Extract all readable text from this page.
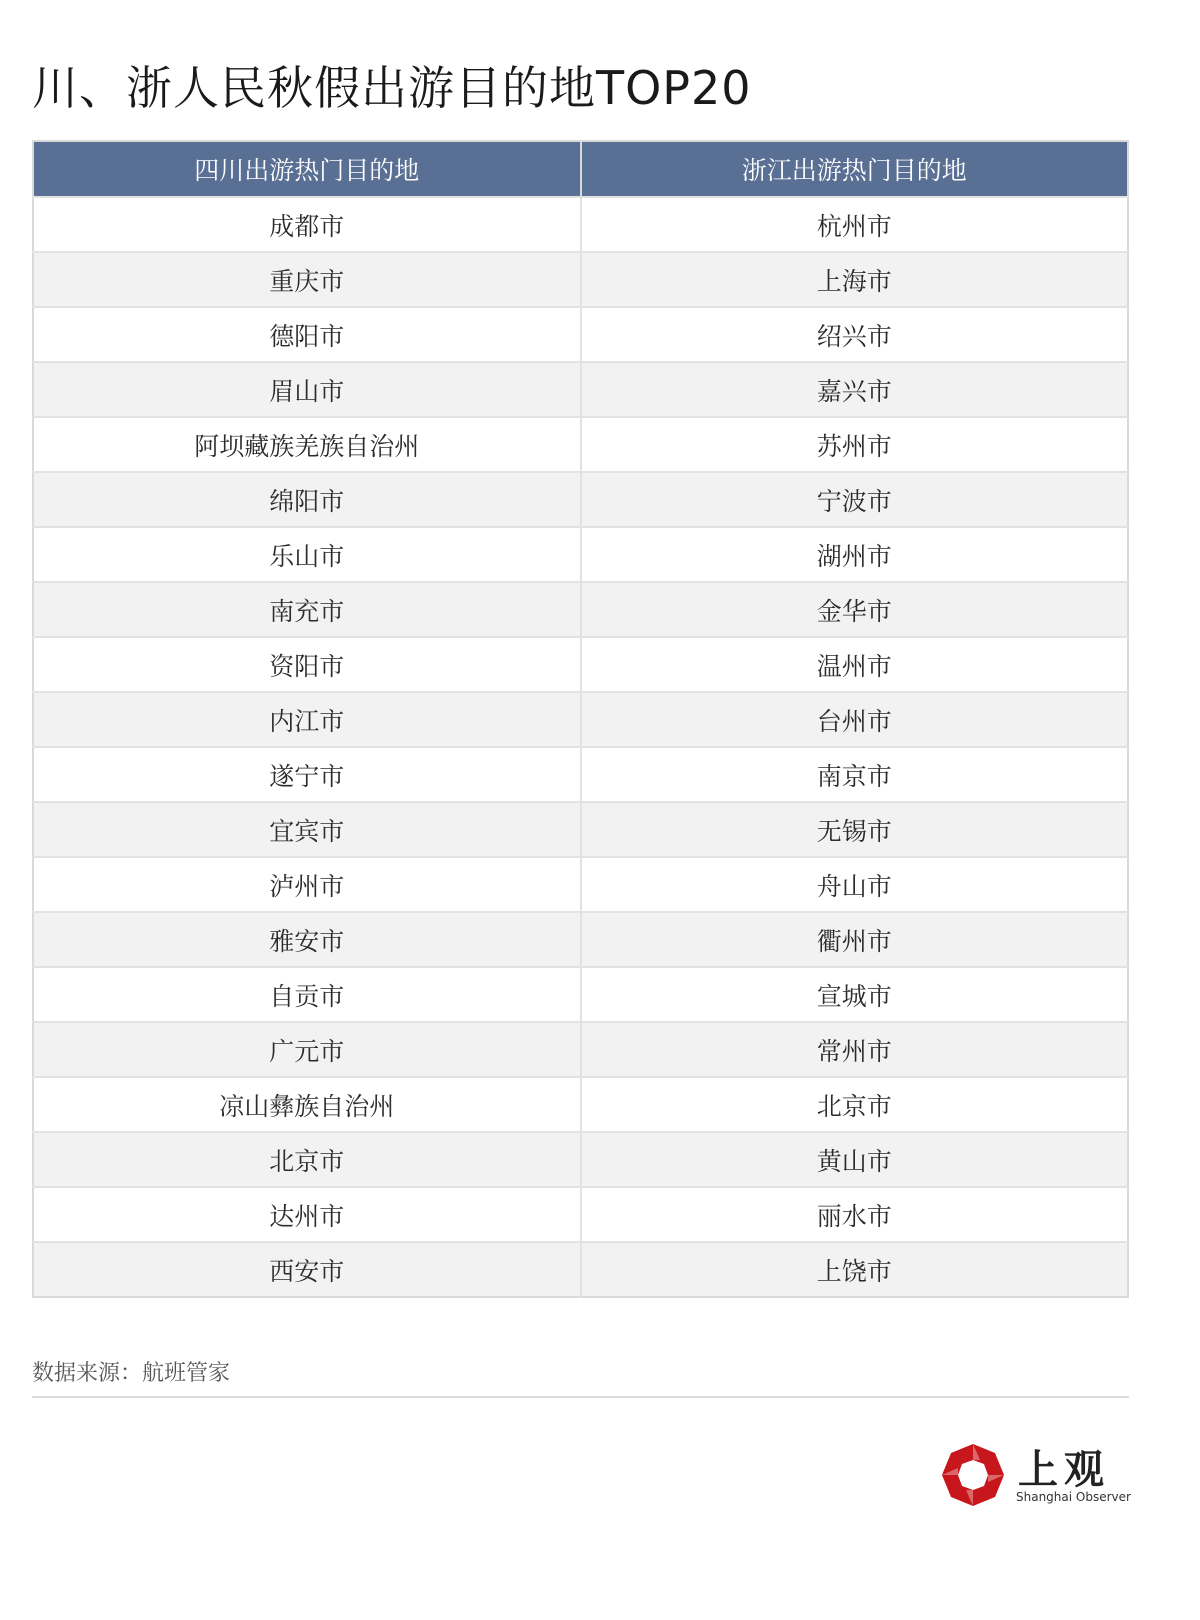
川、浙人民秋假出游目的地TOP20
四川出游热门目的地	浙江出游热门目的地
成都市	杭州市
重庆市	上海市
德阳市	绍兴市
眉山市	嘉兴市
阿坝藏族羌族自治州	苏州市
绵阳市	宁波市
乐山市	湖州市
南充市	金华市
资阳市	温州市
内江市	台州市
遂宁市	南京市
宜宾市	无锡市
泸州市	舟山市
雅安市	衢州市
自贡市	宣城市
广元市	常州市
凉山彝族自治州	北京市
北京市	黄山市
达州市	丽水市
西安市	上饶市
数据来源：航班管家
上观
Shanghai Observer
